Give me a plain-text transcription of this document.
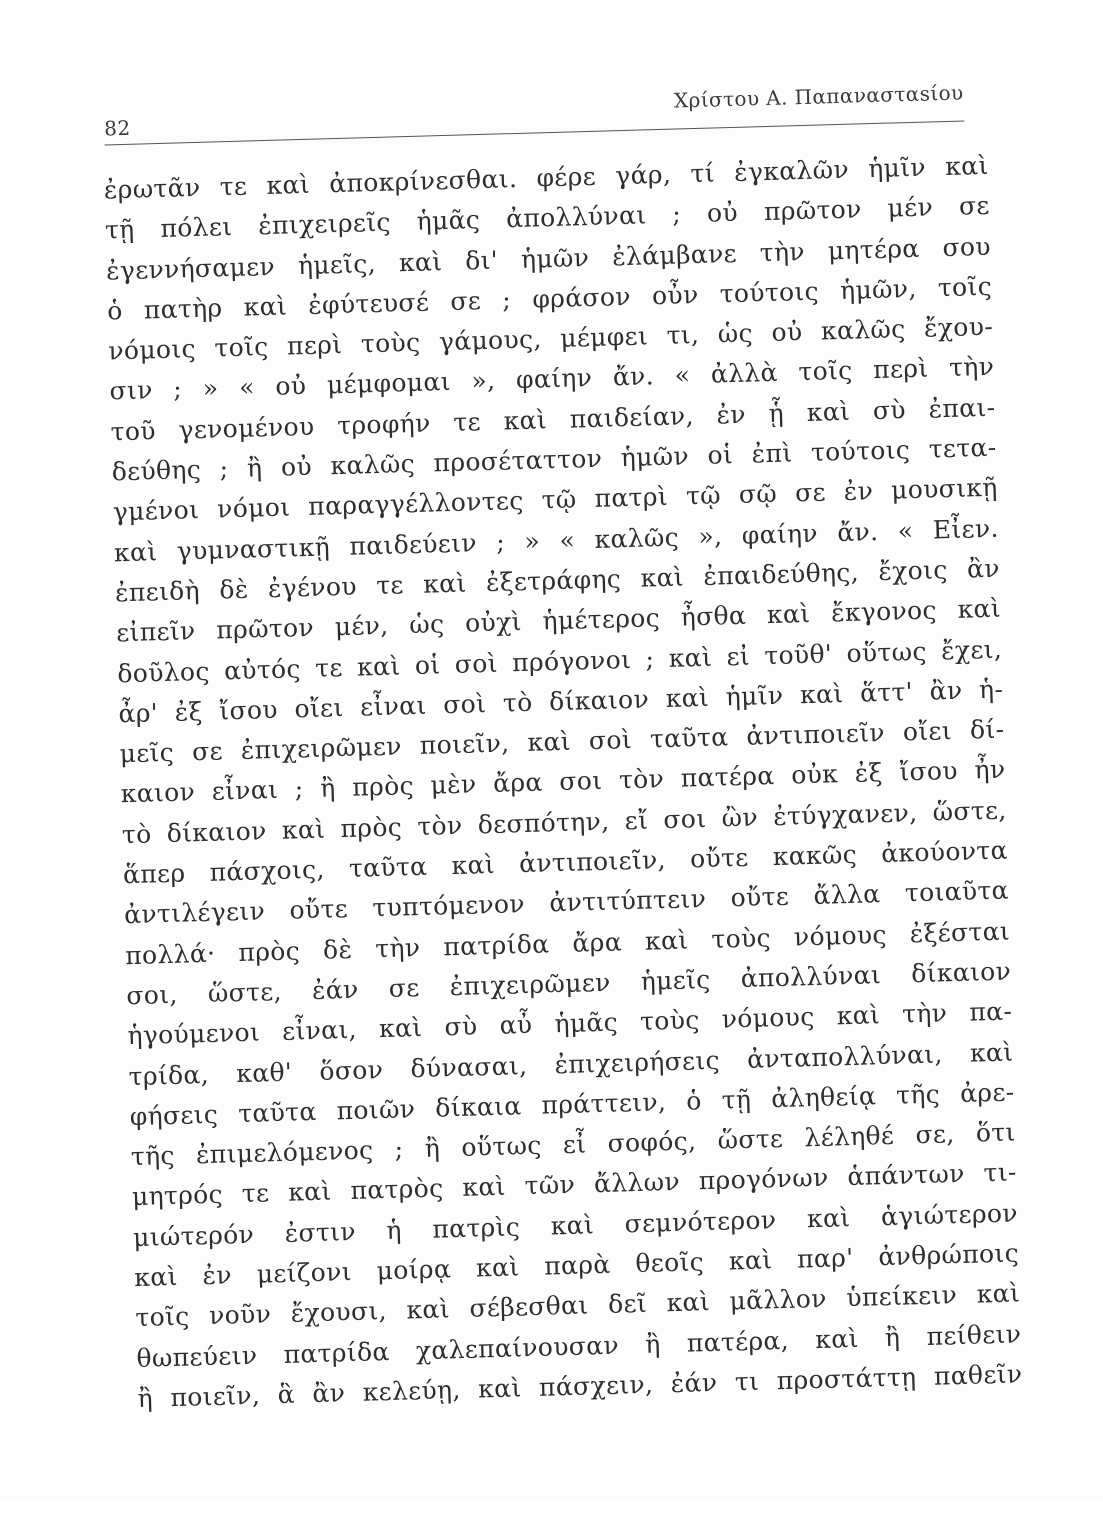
82
Χρίστου Α. Παπανασταsίου
ἐρωτᾶν τε καὶ ἀποκρίνεσθαι. φέρε γάρ, τί ἐγκαλῶν ἡμῖν καὶ
τῇ πόλει ἐπιχειρεῖς ἡμᾶς ἀπολλύναι ; οὐ πρῶτον μέν σε
ἐγεννήσαμεν ἡμεῖς, καὶ δι' ἡμῶν ἐλάμβανε τὴν μητέρα σου
ὁ πατὴρ καὶ ἐφύτευσέ σε ; φράσον οὖν τούτοις ἡμῶν, τοῖς
νόμοις τοῖς περὶ τοὺς γάμους, μέμφει τι, ὡς οὐ καλῶς ἔχου-
σιν ; » « οὐ μέμφομαι », φαίην ἄν. « ἀλλὰ τοῖς περὶ τὴν
τοῦ γενομένου τροφήν τε καὶ παιδείαν, ἐν ᾗ καὶ σὺ ἐπαι-
δεύθης ; ἢ οὐ καλῶς προσέταττον ἡμῶν οἱ ἐπὶ τούτοις τετα-
γμένοι νόμοι παραγγέλλοντες τῷ πατρὶ τῷ σῷ σε ἐν μουσικῇ
καὶ γυμναστικῇ παιδεύειν ; » « καλῶς », φαίην ἄν. « Εἶεν.
ἐπειδὴ δὲ ἐγένου τε καὶ ἐξετράφης καὶ ἐπαιδεύθης, ἔχοις ἂν
εἰπεῖν πρῶτον μέν, ὡς οὐχὶ ἡμέτερος ἦσθα καὶ ἔκγονος καὶ
δοῦλος αὐτός τε καὶ οἱ σοὶ πρόγονοι ; καὶ εἰ τοῦθ' οὕτως ἔχει,
ἆρ' ἐξ ἴσου οἴει εἶναι σοὶ τὸ δίκαιον καὶ ἡμῖν καὶ ἅττ' ἂν ἡ-
μεῖς σε ἐπιχειρῶμεν ποιεῖν, καὶ σοὶ ταῦτα ἀντιποιεῖν οἴει δί-
καιον εἶναι ; ἢ πρὸς μὲν ἄρα σοι τὸν πατέρα οὐκ ἐξ ἴσου ἦν
τὸ δίκαιον καὶ πρὸς τὸν δεσπότην, εἴ σοι ὢν ἐτύγχανεν, ὥστε,
ἅπερ πάσχοις, ταῦτα καὶ ἀντιποιεῖν, οὔτε κακῶς ἀκούοντα
ἀντιλέγειν οὔτε τυπτόμενον ἀντιτύπτειν οὔτε ἄλλα τοιαῦτα
πολλά· πρὸς δὲ τὴν πατρίδα ἄρα καὶ τοὺς νόμους ἐξέσται
σοι, ὥστε, ἐάν σε ἐπιχειρῶμεν ἡμεῖς ἀπολλύναι δίκαιον
ἡγούμενοι εἶναι, καὶ σὺ αὖ ἡμᾶς τοὺς νόμους καὶ τὴν πα-
τρίδα, καθ' ὅσον δύνασαι, ἐπιχειρήσεις ἀνταπολλύναι, καὶ
φήσεις ταῦτα ποιῶν δίκαια πράττειν, ὁ τῇ ἀληθείᾳ τῆς ἀρε-
τῆς ἐπιμελόμενος ; ἢ οὕτως εἶ σοφός, ὥστε λέληθέ σε, ὅτι
μητρός τε καὶ πατρὸς καὶ τῶν ἄλλων προγόνων ἁπάντων τι-
μιώτερόν ἐστιν ἡ πατρὶς καὶ σεμνότερον καὶ ἁγιώτερον
καὶ ἐν μείζονι μοίρᾳ καὶ παρὰ θεοῖς καὶ παρ' ἀνθρώποις
τοῖς νοῦν ἔχουσι, καὶ σέβεσθαι δεῖ καὶ μᾶλλον ὑπείκειν καὶ
θωπεύειν πατρίδα χαλεπαίνουσαν ἢ πατέρα, καὶ ἢ πείθειν
ἢ ποιεῖν, ἃ ἂν κελεύῃ, καὶ πάσχειν, ἐάν τι προστάττῃ παθεῖν
